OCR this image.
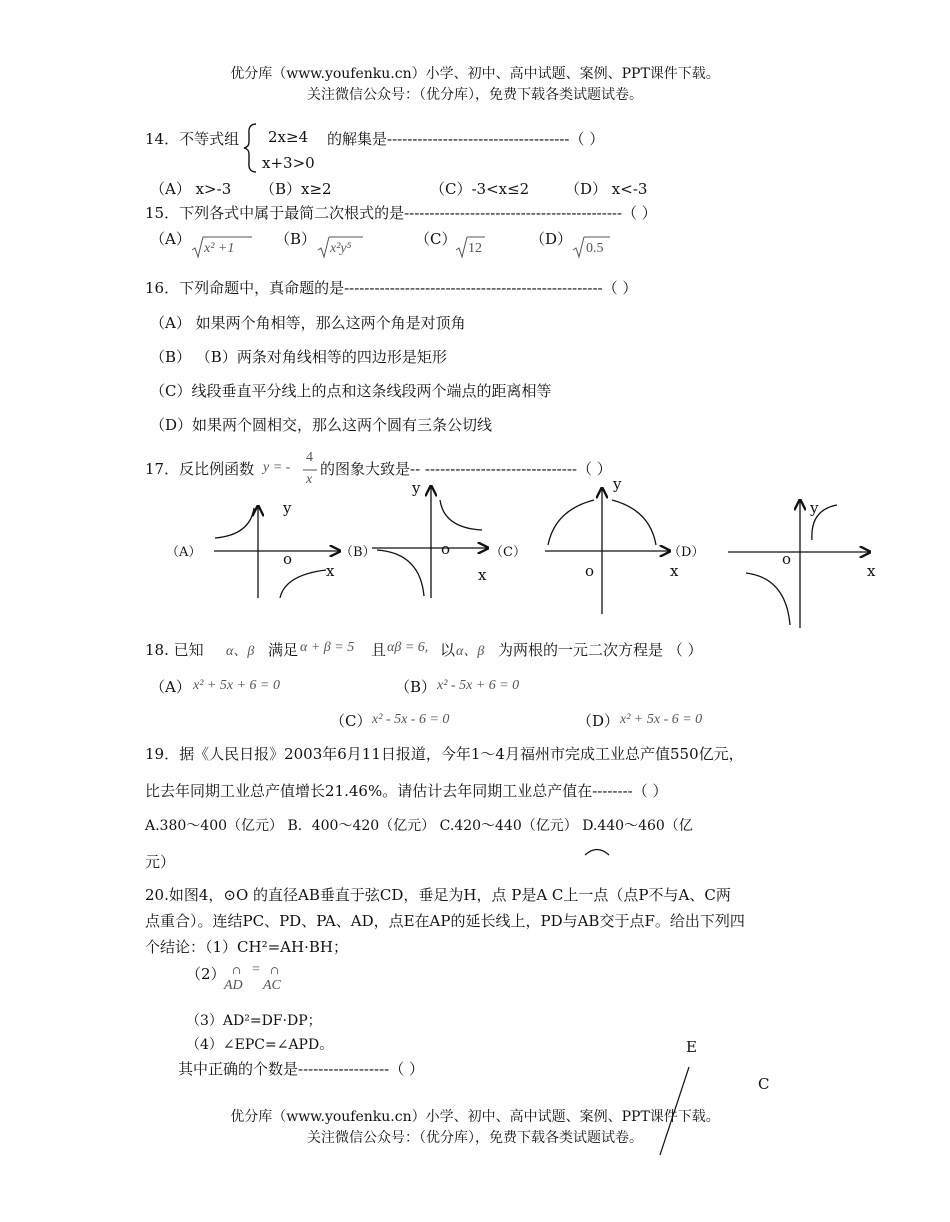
优分库（www.youfenku.cn）小学、初中、高中试题、案例、PPT课件下载。
关注微信公众号：（优分库），免费下载各类试题试卷。
14．不等式组 2x≥4
x+3>0
的解集是------------------------------------（ ）
（A） x>-3 （B）x≥2	（C）-3<x≤2 （D） x<-3
15．下列各式中属于最简二次根式的是-------------------------------------------（ ）
（A）
x² +1
（B）
x²y⁵
（C）
12
（D）
0.5
16．下列命题中，真命题的是---------------------------------------------------（ ）
（A） 如果两个角相等，那么这两个角是对顶角
（B） （B）两条对角线相等的四边形是矩形
（C）线段垂直平分线上的点和这条线段两个端点的距离相等
（D）如果两个圆相交，那么这两个圆有三条公切线
17．反比例函数 y = -
4
x
的图象大致是-- ------------------------------（ ）
（A）
y
o
x
（B）
y
o
x
（C）
y
o	x
（D）
y
o
x
18. 已知 α、β 满足 α + β = 5 且 αβ = 6, 以 α、β 为两根的一元二次方程是 （ ）
（A） x² + 5x + 6 = 0	（B） x² - 5x + 6 = 0
（C） x² - 5x - 6 = 0	（D） x² + 5x - 6 = 0
19．据《人民日报》2003年6月11日报道，今年1～4月福州市完成工业总产值550亿元，
比去年同期工业总产值增长21.46%。请估计去年同期工业总产值在--------（ ）
A.380～400（亿元） B．400～420（亿元） C.420～440（亿元） D.440～460（亿
元）
20.如图4，⊙O 的直径AB垂直于弦CD，垂足为H，点 P是A C上一点（点P不与A、C两
点重合）。连结PC、PD、PA、AD，点E在AP的延长线上，PD与AB交于点F。给出下列四
个结论：（1）CH²=AH·BH；
（2） ∩
AD
= ∩
AC
（3）AD²=DF·DP；
（4）∠EPC=∠APD。
其中正确的个数是------------------（ ）
E
C
优分库（www.youfenku.cn）小学、初中、高中试题、案例、PPT课件下载。
关注微信公众号：（优分库），免费下载各类试题试卷。
